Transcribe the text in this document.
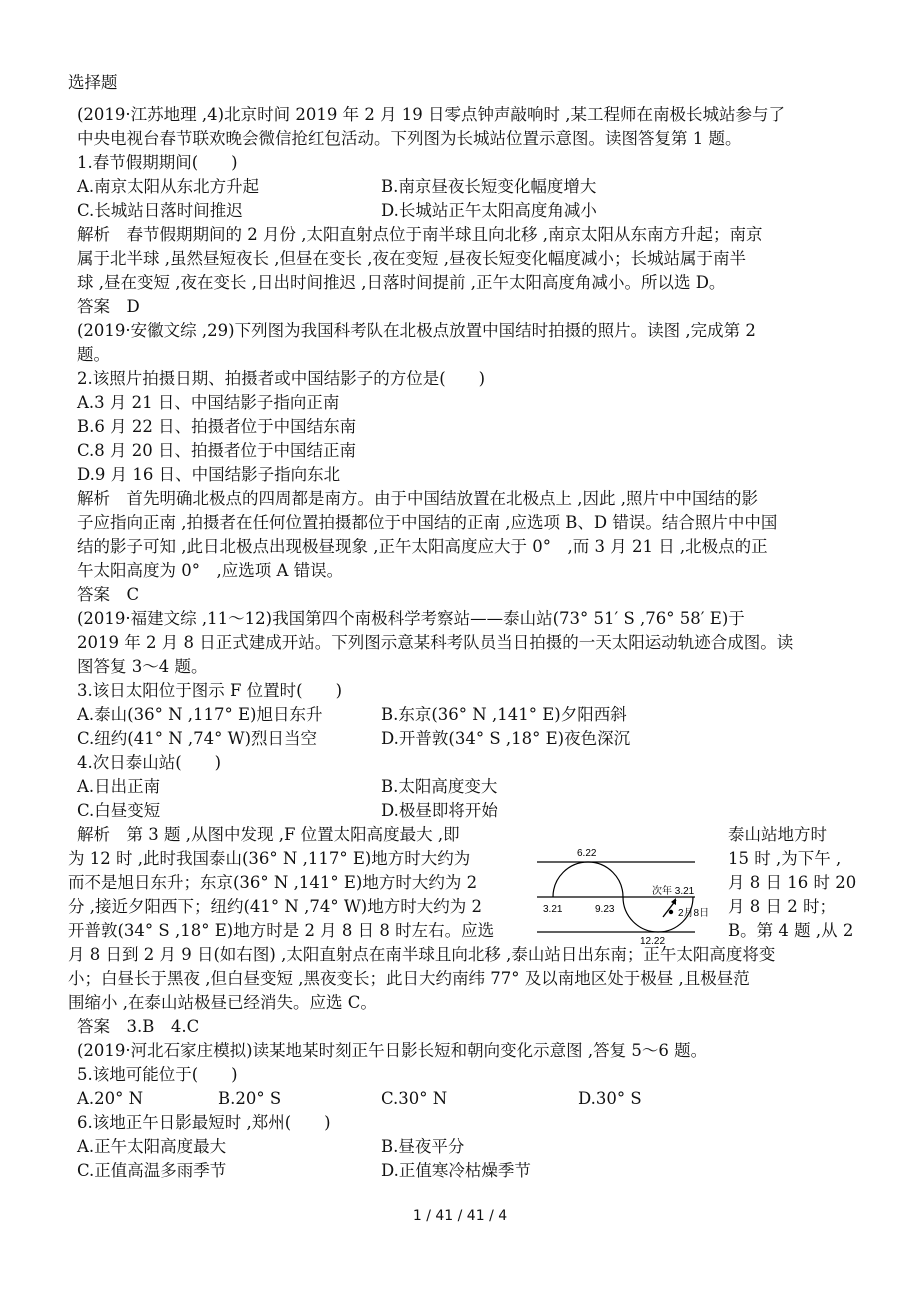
选择题
(2019·江苏地理 ,4)北京时间 2019 年 2 月 19 日零点钟声敲响时 ,某工程师在南极长城站参与了
中央电视台春节联欢晚会微信抢红包活动。下列图为长城站位置示意图。读图答复第 1 题。
1.春节假期期间(　　)
A.南京太阳从东北方升起	B.南京昼夜长短变化幅度增大
C.长城站日落时间推迟	D.长城站正午太阳高度角减小
解析　春节假期期间的 2 月份 ,太阳直射点位于南半球且向北移 ,南京太阳从东南方升起；南京
属于北半球 ,虽然昼短夜长 ,但昼在变长 ,夜在变短 ,昼夜长短变化幅度减小；长城站属于南半
球 ,昼在变短 ,夜在变长 ,日出时间推迟 ,日落时间提前 ,正午太阳高度角减小。所以选 D。
答案　D
(2019·安徽文综 ,29)下列图为我国科考队在北极点放置中国结时拍摄的照片。读图 ,完成第 2
题。
2.该照片拍摄日期、拍摄者或中国结影子的方位是(　　)
A.3 月 21 日、中国结影子指向正南
B.6 月 22 日、拍摄者位于中国结东南
C.8 月 20 日、拍摄者位于中国结正南
D.9 月 16 日、中国结影子指向东北
解析　首先明确北极点的四周都是南方。由于中国结放置在北极点上 ,因此 ,照片中中国结的影
子应指向正南 ,拍摄者在任何位置拍摄都位于中国结的正南 ,应选项 B、D 错误。结合照片中中国
结的影子可知 ,此日北极点出现极昼现象 ,正午太阳高度应大于 0°　,而 3 月 21 日 ,北极点的正
午太阳高度为 0°　,应选项 A 错误。
答案　C
(2019·福建文综 ,11～12)我国第四个南极科学考察站——泰山站(73° 51′ S ,76° 58′ E)于
2019 年 2 月 8 日正式建成开站。下列图示意某科考队员当日拍摄的一天太阳运动轨迹合成图。读
图答复 3～4 题。
3.该日太阳位于图示 F 位置时(　　)
A.泰山(36° N ,117° E)旭日东升	B.东京(36° N ,141° E)夕阳西斜
C.纽约(41° N ,74° W)烈日当空	D.开普敦(34° S ,18° E)夜色深沉
4.次日泰山站(　　)
A.日出正南	B.太阳高度变大
C.白昼变短	D.极昼即将开始
解析　第 3 题 ,从图中发现 ,F 位置太阳高度最大 ,即	泰山站地方时
为 12 时 ,此时我国泰山(36° N ,117° E)地方时大约为	15 时 ,为下午 ,
而不是旭日东升；东京(36° N ,141° E)地方时大约为 2	月 8 日 16 时 20
分 ,接近夕阳西下；纽约(41° N ,74° W)地方时大约为 2	月 8 日 2 时；
开普敦(34° S ,18° E)地方时是 2 月 8 日 8 时左右。应选	B。第 4 题 ,从 2
月 8 日到 2 月 9 日(如右图) ,太阳直射点在南半球且向北移 ,泰山站日出东南；正午太阳高度将变
小；白昼长于黑夜 ,但白昼变短 ,黑夜变长；此日大约南纬 77° 及以南地区处于极昼 ,且极昼范
围缩小 ,在泰山站极昼已经消失。应选 C。
6.22
3.21	9.23
12.22
次年 3.21
2月8日
答案　3.B　4.C
(2019·河北石家庄模拟)读某地某时刻正午日影长短和朝向变化示意图 ,答复 5～6 题。
5.该地可能位于(　　)
A.20° N	B.20° S	C.30° N	D.30° S
6.该地正午日影最短时 ,郑州(　　)
A.正午太阳高度最大	B.昼夜平分
C.正值高温多雨季节	D.正值寒冷枯燥季节
1 / 41 / 41 / 4
